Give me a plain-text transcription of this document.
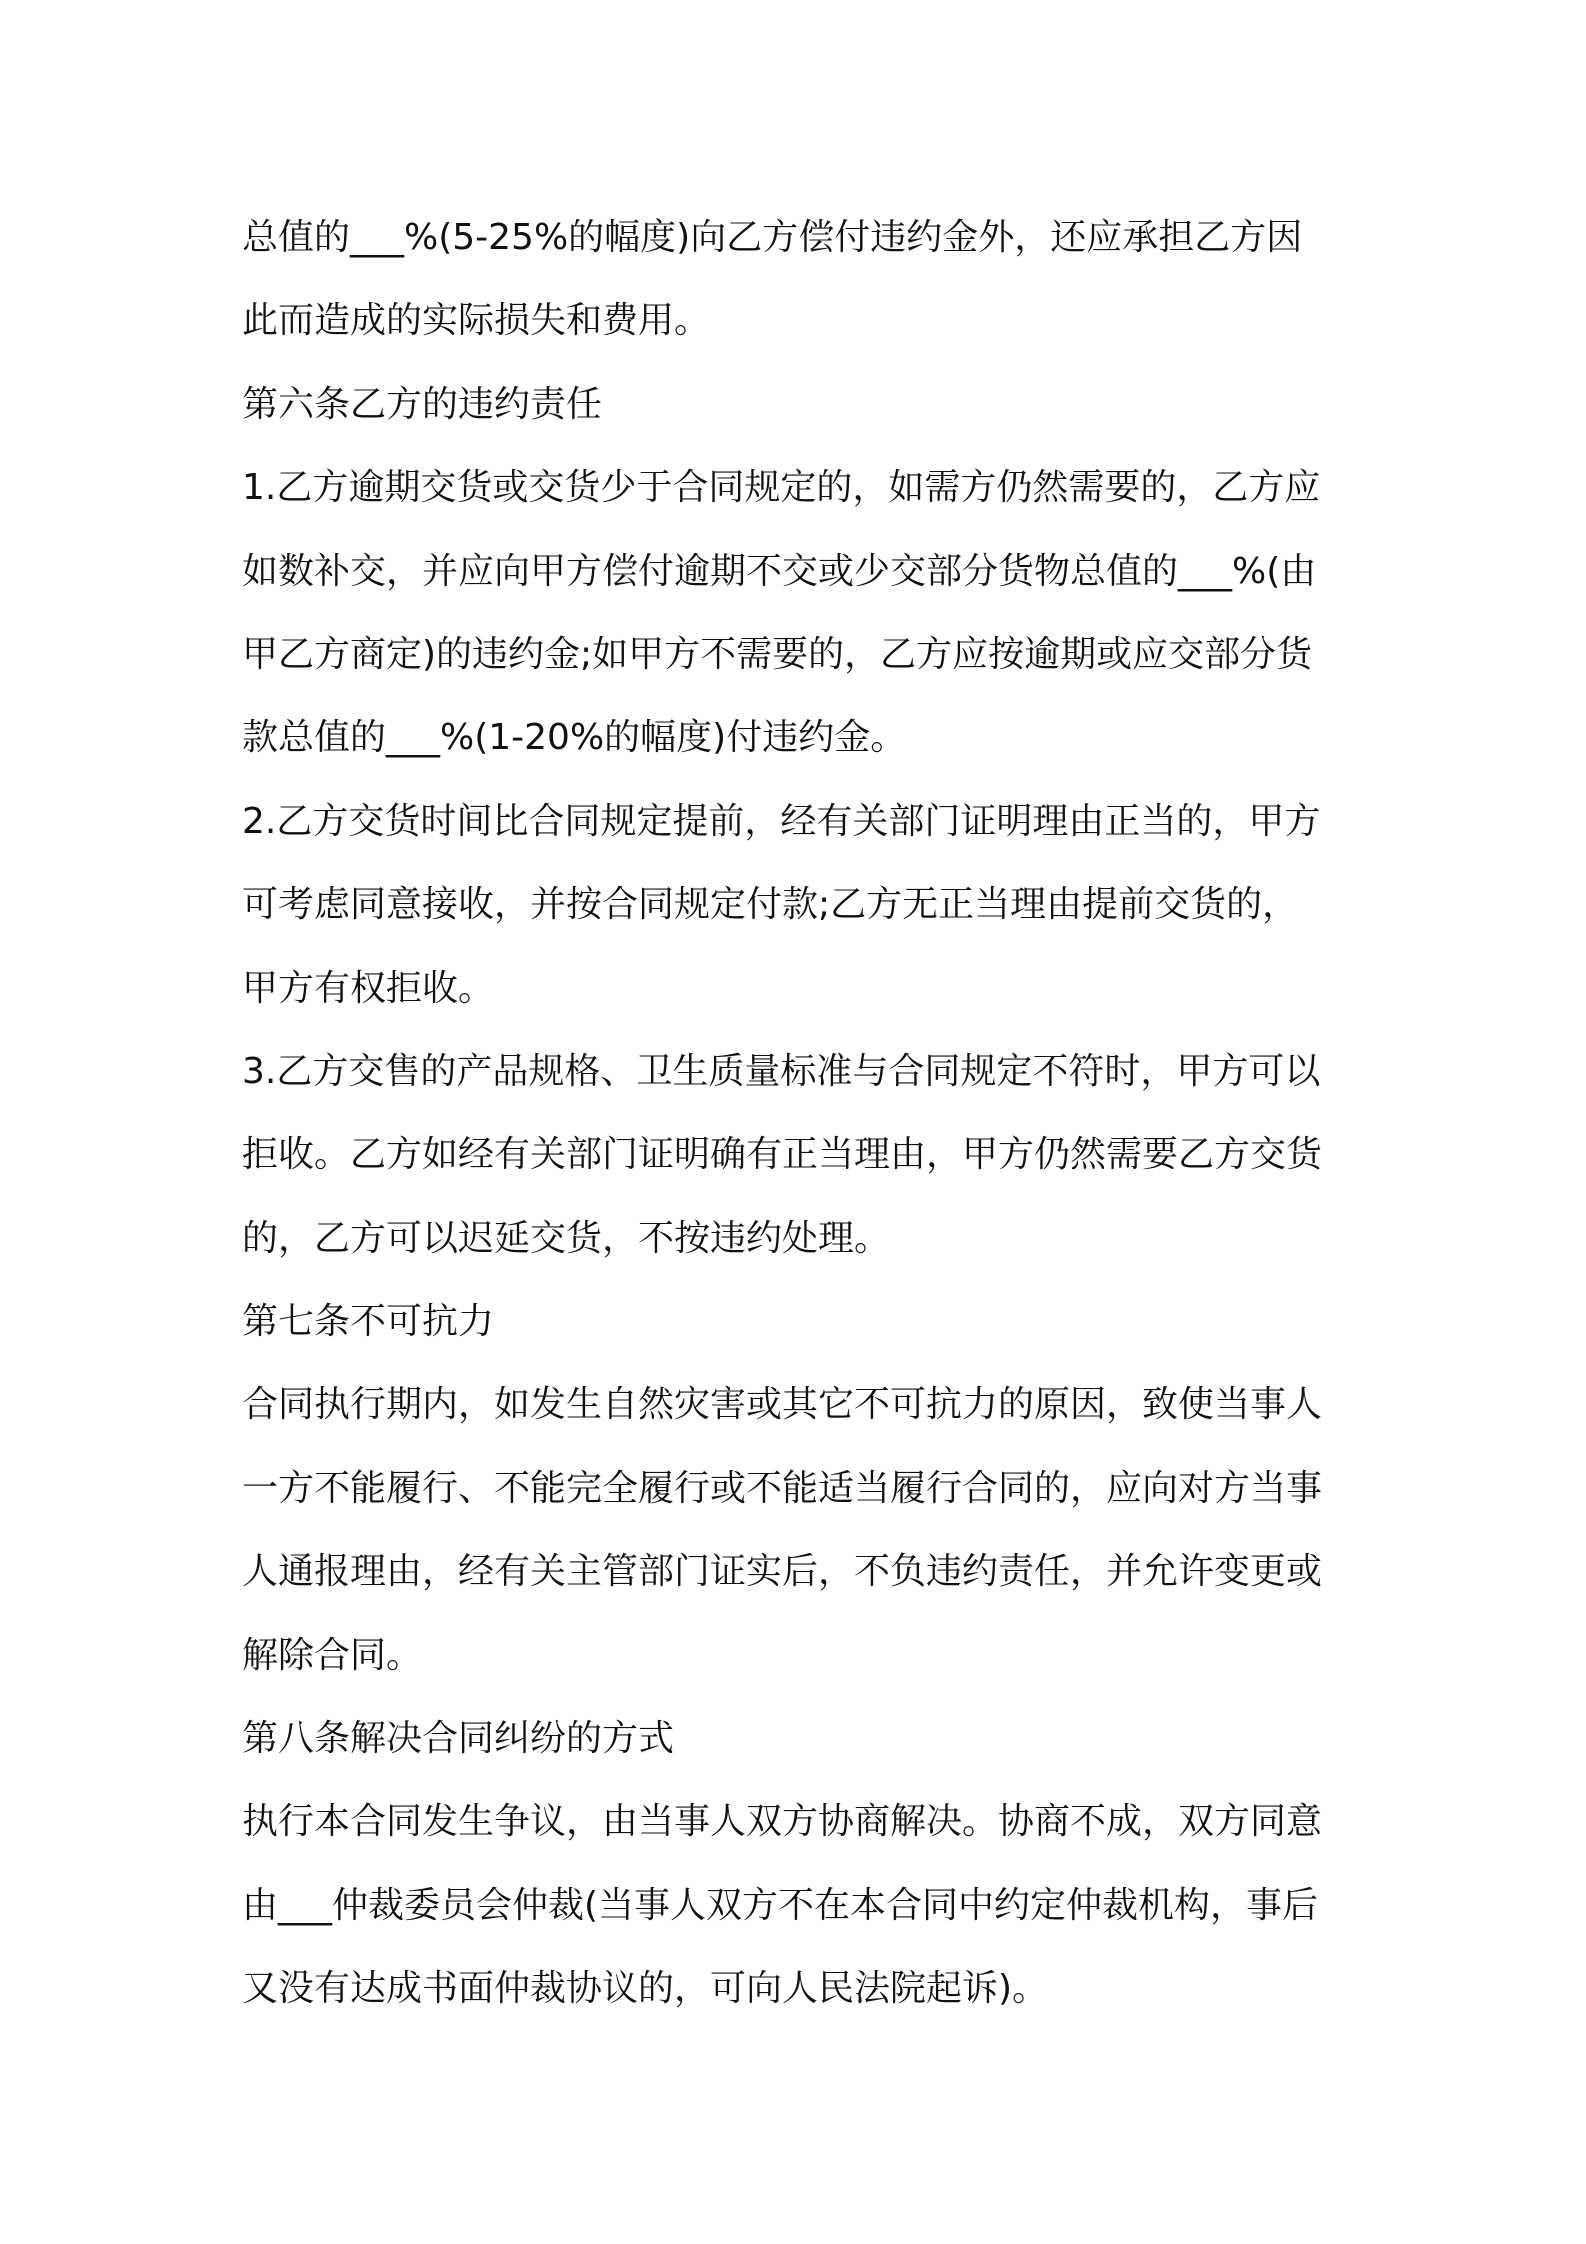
总值的___%(5-25%的幅度)向乙方偿付违约金外，还应承担乙方因
此而造成的实际损失和费用。
第六条乙方的违约责任
1.乙方逾期交货或交货少于合同规定的，如需方仍然需要的，乙方应
如数补交，并应向甲方偿付逾期不交或少交部分货物总值的___%(由
甲乙方商定)的违约金;如甲方不需要的，乙方应按逾期或应交部分货
款总值的___%(1-20%的幅度)付违约金。
2.乙方交货时间比合同规定提前，经有关部门证明理由正当的，甲方
可考虑同意接收，并按合同规定付款;乙方无正当理由提前交货的，
甲方有权拒收。
3.乙方交售的产品规格、卫生质量标准与合同规定不符时，甲方可以
拒收。乙方如经有关部门证明确有正当理由，甲方仍然需要乙方交货
的，乙方可以迟延交货，不按违约处理。
第七条不可抗力
合同执行期内，如发生自然灾害或其它不可抗力的原因，致使当事人
一方不能履行、不能完全履行或不能适当履行合同的，应向对方当事
人通报理由，经有关主管部门证实后，不负违约责任，并允许变更或
解除合同。
第八条解决合同纠纷的方式
执行本合同发生争议，由当事人双方协商解决。协商不成，双方同意
由___仲裁委员会仲裁(当事人双方不在本合同中约定仲裁机构，事后
又没有达成书面仲裁协议的，可向人民法院起诉)。
